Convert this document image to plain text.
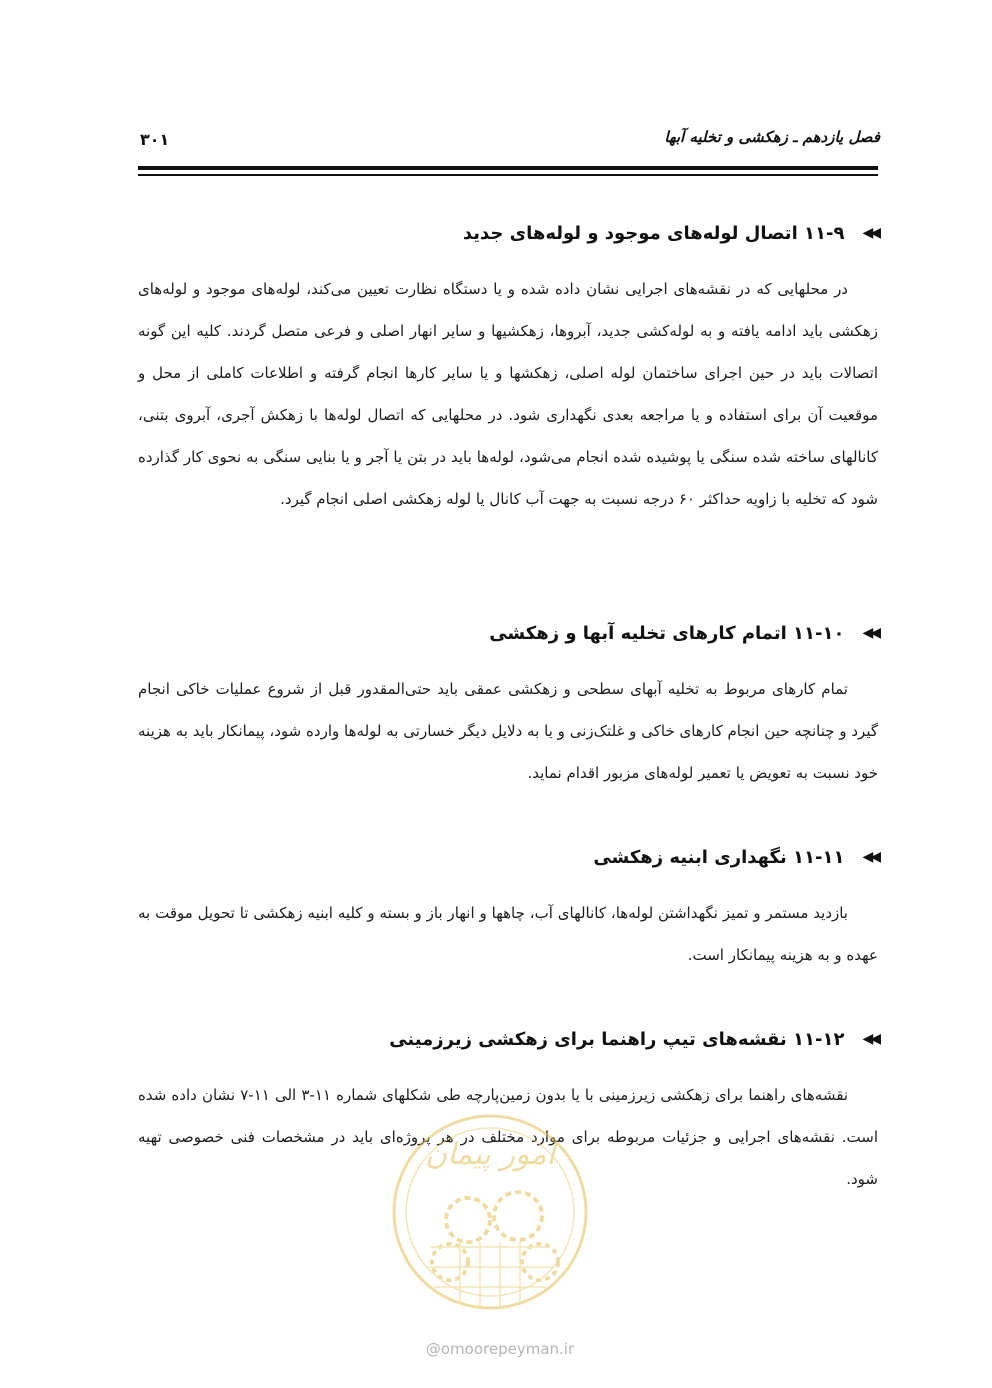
فصل یازدهم ـ زهکشی و تخلیه آبها
۳۰۱
◀◀
۱۱-۹ اتصال لوله‌های موجود و لوله‌های جدید

در محلهایی که در نقشه‌های اجرایی نشان داده شده و یا دستگاه نظارت تعیین می‌کند، لوله‌های موجود و لوله‌های زهکشی باید ادامه یافته و به لوله‌کشی جدید، آبروها، زهکشیها و سایر انهار اصلی و فرعی متصل گردند. کلیه این گونه اتصالات باید در حین اجرای ساختمان لوله اصلی، زهکشها و یا سایر کارها انجام گرفته و اطلاعات کاملی از محل و موقعیت آن برای استفاده و یا مراجعه بعدی نگهداری شود. در محلهایی که اتصال لوله‌ها با زهکش آجری، آبروی بتنی، کانالهای ساخته شده سنگی یا پوشیده شده انجام می‌شود، لوله‌ها باید در بتن یا آجر و یا بنایی سنگی به نحوی کار گذارده شود که تخلیه با زاویه حداکثر ۶۰ درجه نسبت به جهت آب کانال یا لوله زهکشی اصلی انجام گیرد.

◀◀
۱۱-۱۰ اتمام کارهای تخلیه آبها و زهکشی

تمام کارهای مربوط به تخلیه آبهای سطحی و زهکشی عمقی باید حتی‌المقدور قبل از شروع عملیات خاکی انجام گیرد و چنانچه حین انجام کارهای خاکی و غلتک‌زنی و یا به دلایل دیگر خسارتی به لوله‌ها وارده شود، پیمانکار باید به هزینه خود نسبت به تعویض یا تعمیر لوله‌های مزبور اقدام نماید.

◀◀
۱۱-۱۱ نگهداری ابنیه زهکشی

بازدید مستمر و تمیز نگهداشتن لوله‌ها، کانالهای آب، چاهها و انهار باز و بسته و کلیه ابنیه زهکشی تا تحویل موقت به عهده و به هزینه پیمانکار است.

◀◀
۱۱-۱۲ نقشه‌های تیپ راهنما برای زهکشی زیرزمینی

نقشه‌های راهنما برای زهکشی زیرزمینی با یا بدون زمین‌پارچه طی شکلهای شماره ۱۱-۳ الی ۱۱-۷ نشان داده شده است. نقشه‌های اجرایی و جزئیات مربوطه برای موارد مختلف در هر پروژه‌ای باید در مشخصات فنی خصوصی تهیه شود.

امور پیمان
@omoorepeyman.ir
